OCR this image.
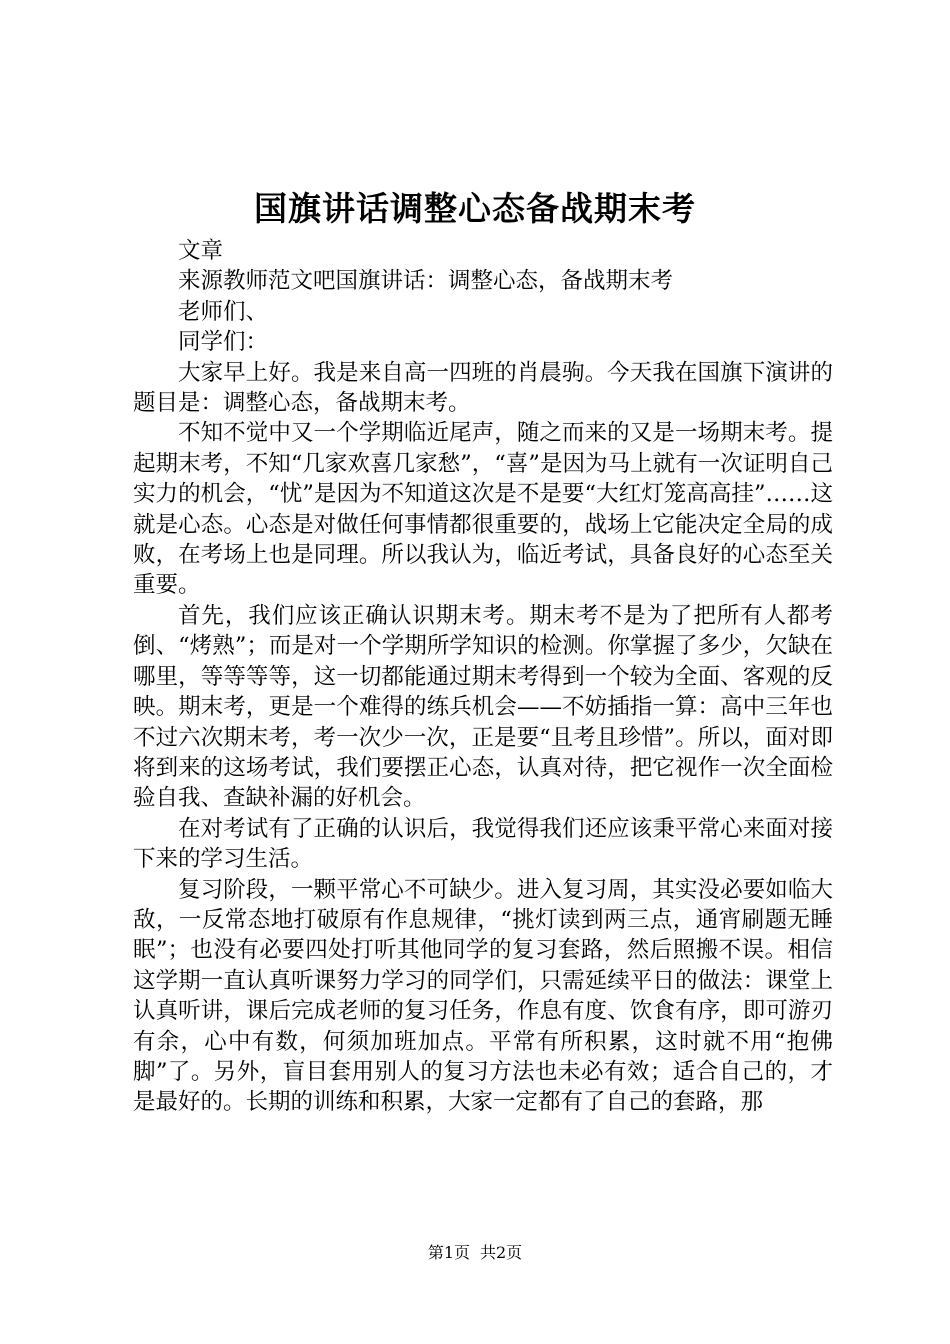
国旗讲话调整心态备战期末考

文章

来源教师范文吧国旗讲话：调整心态，备战期末考

老师们、

同学们：

大家早上好。我是来自高一四班的肖晨驹。今天我在国旗下演讲的题目是：调整心态，备战期末考。

不知不觉中又一个学期临近尾声，随之而来的又是一场期末考。提起期末考，不知“几家欢喜几家愁”，“喜”是因为马上就有一次证明自己实力的机会，“忧”是因为不知道这次是不是要“大红灯笼高高挂”……这就是心态。心态是对做任何事情都很重要的，战场上它能决定全局的成败，在考场上也是同理。所以我认为，临近考试，具备良好的心态至关重要。

首先，我们应该正确认识期末考。期末考不是为了把所有人都考倒、“烤熟”；而是对一个学期所学知识的检测。你掌握了多少，欠缺在哪里，等等等等，这一切都能通过期末考得到一个较为全面、客观的反映。期末考，更是一个难得的练兵机会——不妨插指一算：高中三年也不过六次期末考，考一次少一次，正是要“且考且珍惜”。所以，面对即将到来的这场考试，我们要摆正心态，认真对待，把它视作一次全面检验自我、查缺补漏的好机会。

在对考试有了正确的认识后，我觉得我们还应该秉平常心来面对接下来的学习生活。

复习阶段，一颗平常心不可缺少。进入复习周，其实没必要如临大敌，一反常态地打破原有作息规律，“挑灯读到两三点，通宵刷题无睡眠”；也没有必要四处打听其他同学的复习套路，然后照搬不误。相信这学期一直认真听课努力学习的同学们，只需延续平日的做法：课堂上认真听讲，课后完成老师的复习任务，作息有度、饮食有序，即可游刃有余，心中有数，何须加班加点。平常有所积累，这时就不用“抱佛脚”了。另外，盲目套用别人的复习方法也未必有效；适合自己的，才是最好的。长期的训练和积累，大家一定都有了自己的套路，那

第1页 共2页
